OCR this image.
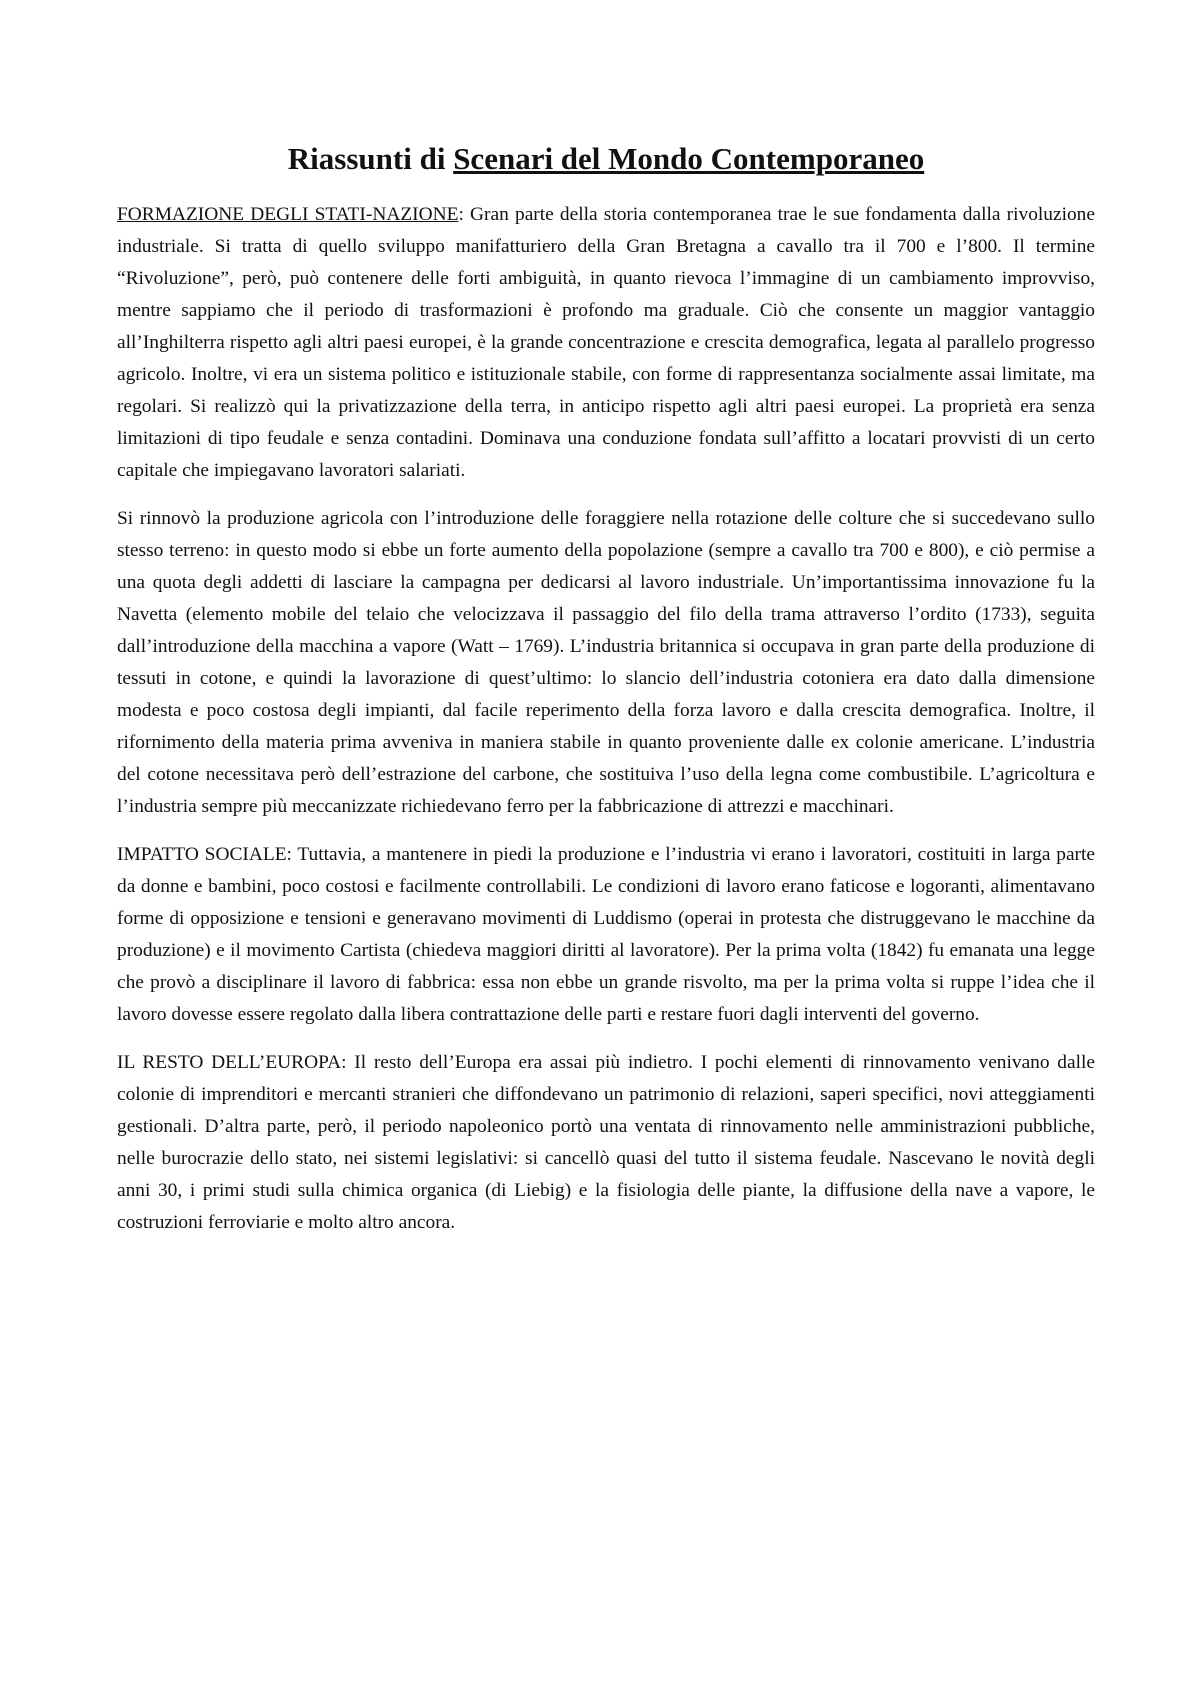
Riassunti di Scenari del Mondo Contemporaneo

FORMAZIONE DEGLI STATI-NAZIONE: Gran parte della storia contemporanea trae le sue fondamenta dalla rivoluzione industriale. Si tratta di quello sviluppo manifatturiero della Gran Bretagna a cavallo tra il 700 e l’800. Il termine “Rivoluzione”, però, può contenere delle forti ambiguità, in quanto rievoca l’immagine di un cambiamento improvviso, mentre sappiamo che il periodo di trasformazioni è profondo ma graduale. Ciò che consente un maggior vantaggio all’Inghilterra rispetto agli altri paesi europei, è la grande concentrazione e crescita demografica, legata al parallelo progresso agricolo. Inoltre, vi era un sistema politico e istituzionale stabile, con forme di rappresentanza socialmente assai limitate, ma regolari. Si realizzò qui la privatizzazione della terra, in anticipo rispetto agli altri paesi europei. La proprietà era senza limitazioni di tipo feudale e senza contadini. Dominava una conduzione fondata sull’affitto a locatari provvisti di un certo capitale che impiegavano lavoratori salariati.

Si rinnovò la produzione agricola con l’introduzione delle foraggiere nella rotazione delle colture che si succedevano sullo stesso terreno: in questo modo si ebbe un forte aumento della popolazione (sempre a cavallo tra 700 e 800), e ciò permise a una quota degli addetti di lasciare la campagna per dedicarsi al lavoro industriale. Un’importantissima innovazione fu la Navetta (elemento mobile del telaio che velocizzava il passaggio del filo della trama attraverso l’ordito (1733), seguita dall’introduzione della macchina a vapore (Watt – 1769). L’industria britannica si occupava in gran parte della produzione di tessuti in cotone, e quindi la lavorazione di quest’ultimo: lo slancio dell’industria cotoniera era dato dalla dimensione modesta e poco costosa degli impianti, dal facile reperimento della forza lavoro e dalla crescita demografica. Inoltre, il rifornimento della materia prima avveniva in maniera stabile in quanto proveniente dalle ex colonie americane. L’industria del cotone necessitava però dell’estrazione del carbone, che sostituiva l’uso della legna come combustibile. L’agricoltura e l’industria sempre più meccanizzate richiedevano ferro per la fabbricazione di attrezzi e macchinari.

IMPATTO SOCIALE: Tuttavia, a mantenere in piedi la produzione e l’industria vi erano i lavoratori, costituiti in larga parte da donne e bambini, poco costosi e facilmente controllabili. Le condizioni di lavoro erano faticose e logoranti, alimentavano forme di opposizione e tensioni e generavano movimenti di Luddismo (operai in protesta che distruggevano le macchine da produzione) e il movimento Cartista (chiedeva maggiori diritti al lavoratore). Per la prima volta (1842) fu emanata una legge che provò a disciplinare il lavoro di fabbrica: essa non ebbe un grande risvolto, ma per la prima volta si ruppe l’idea che il lavoro dovesse essere regolato dalla libera contrattazione delle parti e restare fuori dagli interventi del governo.

IL RESTO DELL’EUROPA: Il resto dell’Europa era assai più indietro. I pochi elementi di rinnovamento venivano dalle colonie di imprenditori e mercanti stranieri che diffondevano un patrimonio di relazioni, saperi specifici, novi atteggiamenti gestionali. D’altra parte, però, il periodo napoleonico portò una ventata di rinnovamento nelle amministrazioni pubbliche, nelle burocrazie dello stato, nei sistemi legislativi: si cancellò quasi del tutto il sistema feudale. Nascevano le novità degli anni 30, i primi studi sulla chimica organica (di Liebig) e la fisiologia delle piante, la diffusione della nave a vapore, le costruzioni ferroviarie e molto altro ancora.
